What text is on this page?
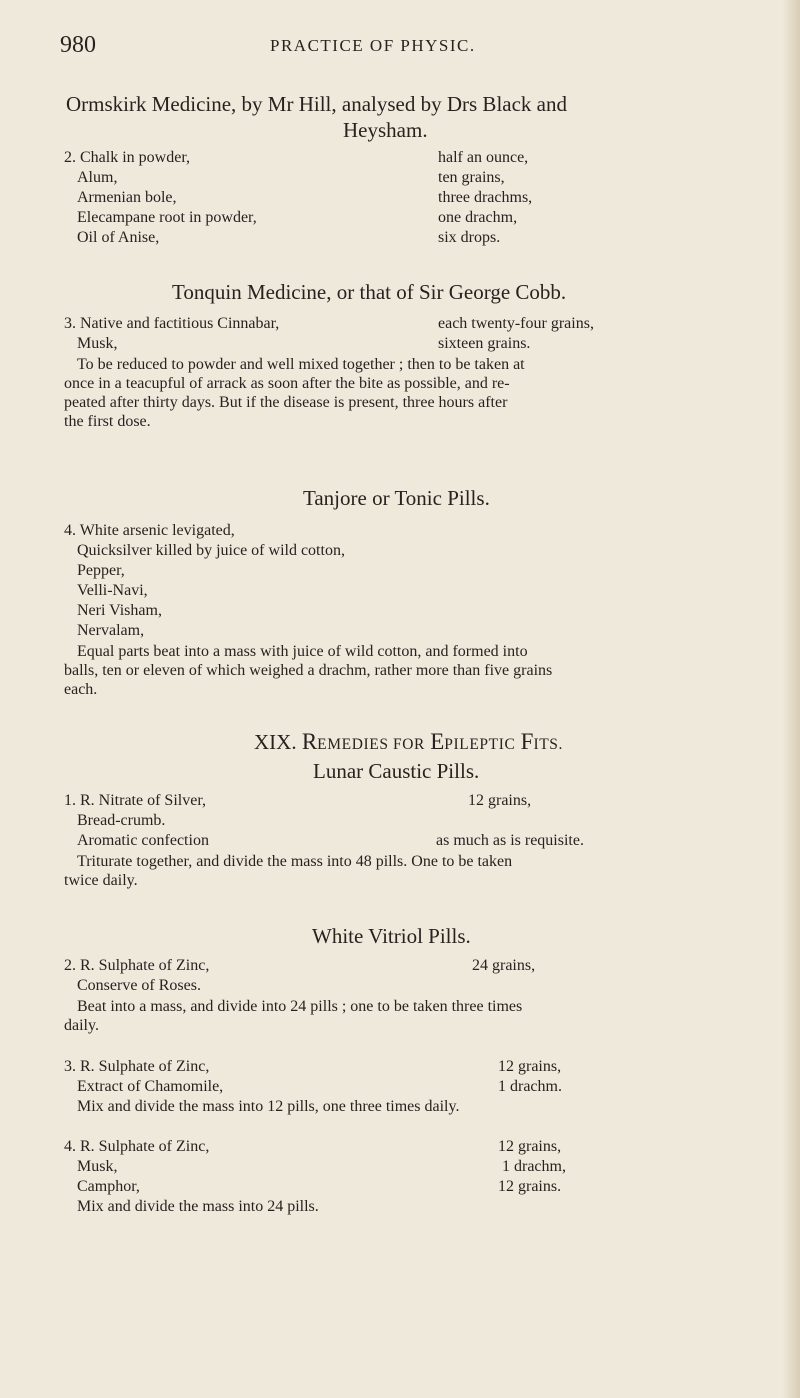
980	PRACTICE OF PHYSIC.
Ormskirk Medicine, by Mr Hill, analysed by Drs Black and
Heysham.
2. Chalk in powder,	half an ounce,
Alum,	ten grains,
Armenian bole,	three drachms,
Elecampane root in powder,	one drachm,
Oil of Anise,	six drops.
Tonquin Medicine, or that of Sir George Cobb.
3. Native and factitious Cinnabar,	each twenty-four grains,
Musk,	sixteen grains.

To be reduced to powder and well mixed together ; then to be taken at

once in a teacupful of arrack as soon after the bite as possible, and re-

peated after thirty days. But if the disease is present, three hours after

the first dose.

Tanjore or Tonic Pills.
4. White arsenic levigated,
Quicksilver killed by juice of wild cotton,
Pepper,
Velli-Navi,
Neri Visham,
Nervalam,

Equal parts beat into a mass with juice of wild cotton, and formed into

balls, ten or eleven of which weighed a drachm, rather more than five grains

each.

XIX. REMEDIES FOR EPILEPTIC FITS.
Lunar Caustic Pills.
1. R. Nitrate of Silver,	12 grains,
Bread-crumb.
Aromatic confection	as much as is requisite.

Triturate together, and divide the mass into 48 pills. One to be taken

twice daily.

White Vitriol Pills.
2. R. Sulphate of Zinc,	24 grains,
Conserve of Roses.

Beat into a mass, and divide into 24 pills ; one to be taken three times

daily.

3. R. Sulphate of Zinc,	12 grains,
Extract of Chamomile,	1 drachm.
Mix and divide the mass into 12 pills, one three times daily.
4. R. Sulphate of Zinc,	12 grains,
Musk,	1 drachm,
Camphor,	12 grains.
Mix and divide the mass into 24 pills.
